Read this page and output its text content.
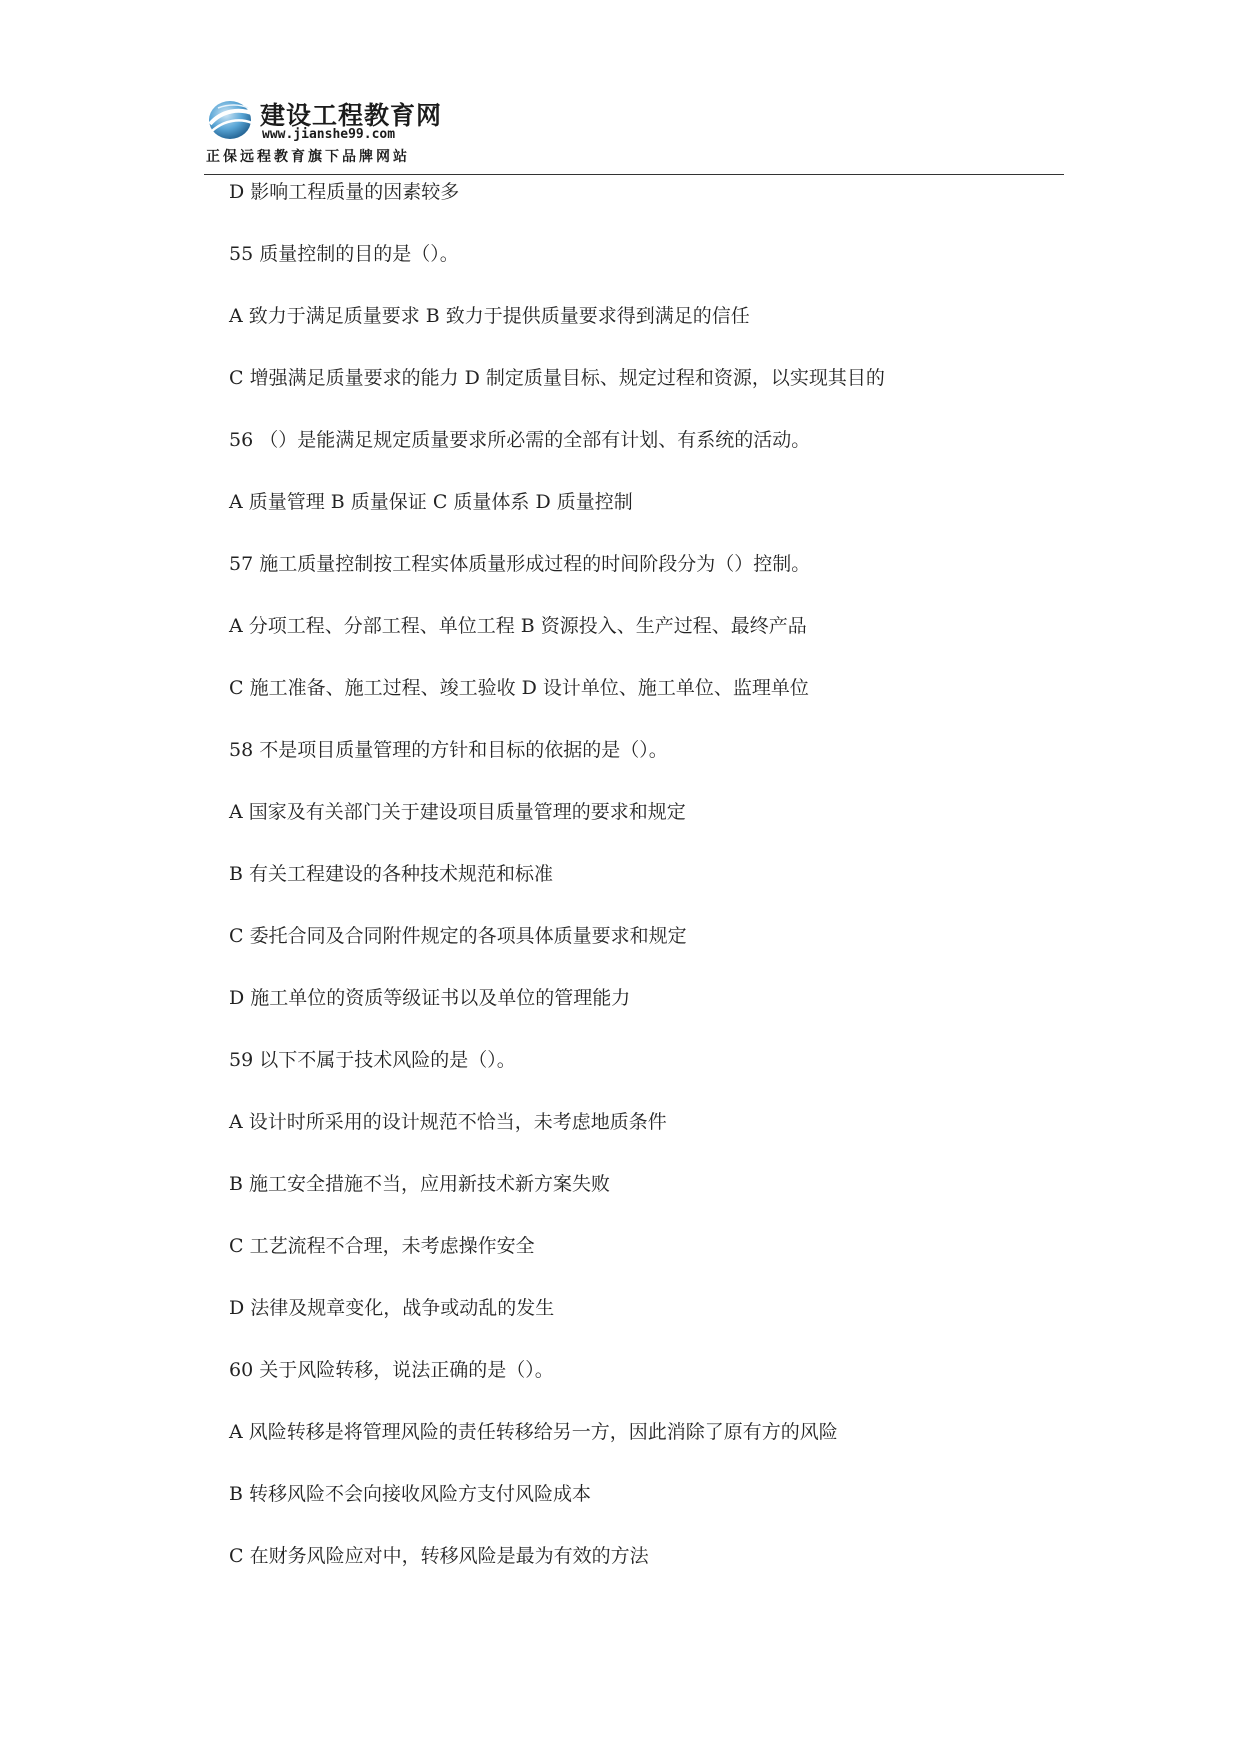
建设工程教育网
www.jianshe99.com
正保远程教育旗下品牌网站
D 影响工程质量的因素较多
55 质量控制的目的是（）。
A 致力于满足质量要求 B 致力于提供质量要求得到满足的信任
C 增强满足质量要求的能力 D 制定质量目标、规定过程和资源，以实现其目的
56 （）是能满足规定质量要求所必需的全部有计划、有系统的活动。
A 质量管理 B 质量保证 C 质量体系 D 质量控制
57 施工质量控制按工程实体质量形成过程的时间阶段分为（）控制。
A 分项工程、分部工程、单位工程 B 资源投入、生产过程、最终产品
C 施工准备、施工过程、竣工验收 D 设计单位、施工单位、监理单位
58 不是项目质量管理的方针和目标的依据的是（）。
A 国家及有关部门关于建设项目质量管理的要求和规定
B 有关工程建设的各种技术规范和标准
C 委托合同及合同附件规定的各项具体质量要求和规定
D 施工单位的资质等级证书以及单位的管理能力
59 以下不属于技术风险的是（）。
A 设计时所采用的设计规范不恰当，未考虑地质条件
B 施工安全措施不当，应用新技术新方案失败
C 工艺流程不合理，未考虑操作安全
D 法律及规章变化，战争或动乱的发生
60 关于风险转移，说法正确的是（）。
A 风险转移是将管理风险的责任转移给另一方，因此消除了原有方的风险
B 转移风险不会向接收风险方支付风险成本
C 在财务风险应对中，转移风险是最为有效的方法
